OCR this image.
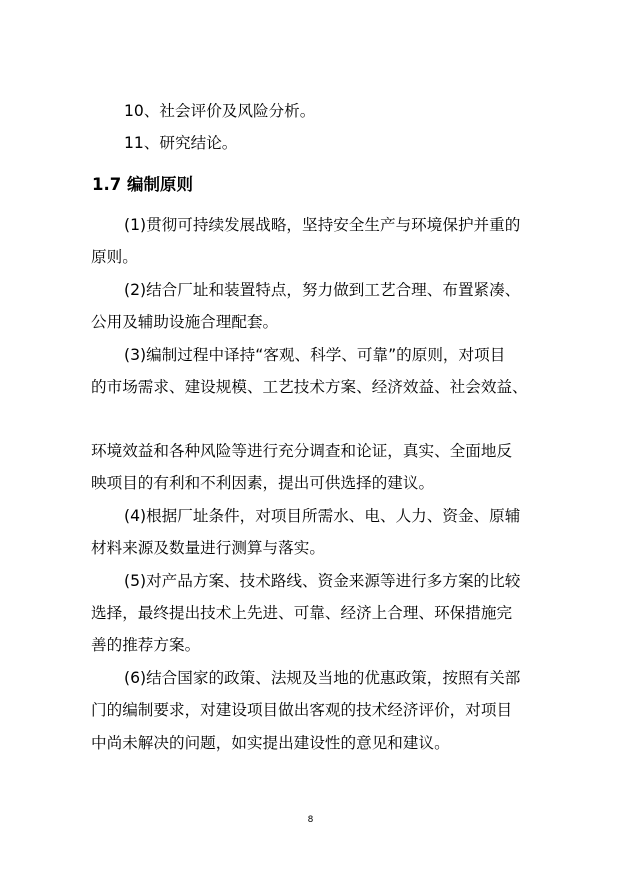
10、社会评价及风险分析。
11、研究结论。
1.7 编制原则
(1)贯彻可持续发展战略，坚持安全生产与环境保护并重的
原则。
(2)结合厂址和装置特点，努力做到工艺合理、布置紧凑、
公用及辅助设施合理配套。
(3)编制过程中译持“客观、科学、可靠”的原则，对项目
的市场需求、建设规模、工艺技术方案、经济效益、社会效益、
环境效益和各种风险等进行充分调查和论证，真实、全面地反
映项目的有利和不利因素，提出可供选择的建议。
(4)根据厂址条件，对项目所需水、电、人力、资金、原辅
材料来源及数量进行测算与落实。
(5)对产品方案、技术路线、资金来源等进行多方案的比较
选择，最终提出技术上先进、可靠、经济上合理、环保措施完
善的推荐方案。
(6)结合国家的政策、法规及当地的优惠政策，按照有关部
门的编制要求，对建设项目做出客观的技术经济评价，对项目
中尚未解决的问题，如实提出建设性的意见和建议。
8
